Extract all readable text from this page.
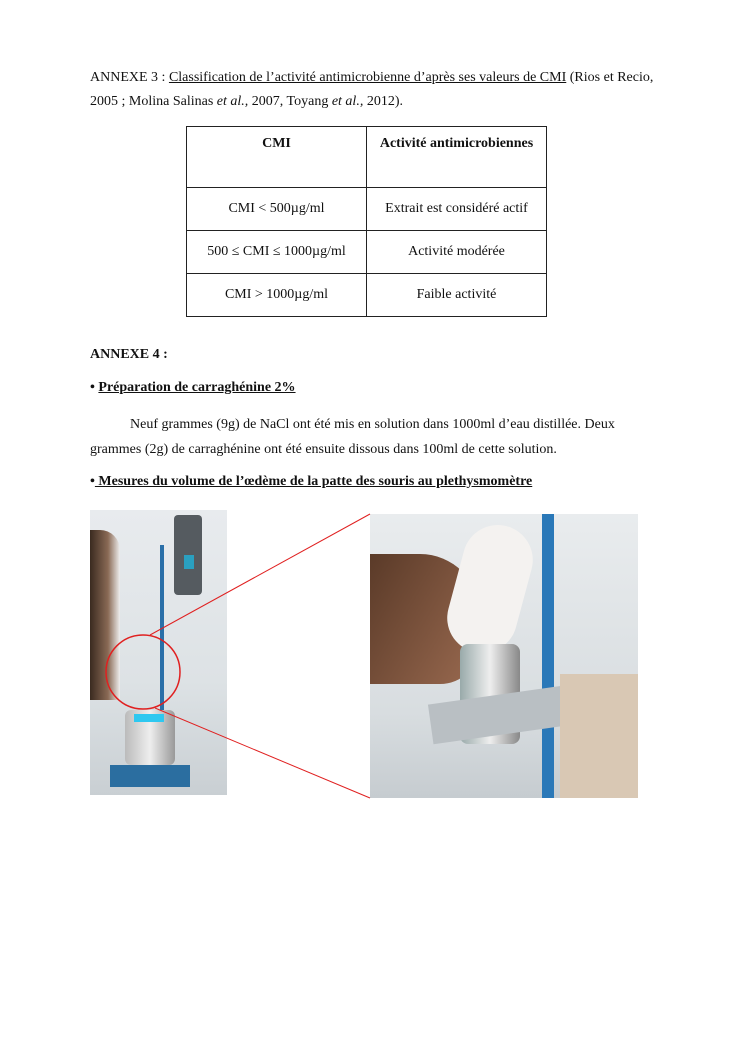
ANNEXE 3 : Classification de l’activité antimicrobienne d’après ses valeurs de CMI (Rios et Recio, 2005 ; Molina Salinas et al., 2007, Toyang et al., 2012).

CMI	Activité antimicrobiennes
CMI < 500µg/ml	Extrait est considéré actif
500 ≤ CMI ≤ 1000µg/ml	Activité modérée
CMI > 1000µg/ml	Faible activité

ANNEXE 4 :

• Préparation de carraghénine 2%

Neuf grammes (9g) de NaCl ont été mis en solution dans 1000ml d’eau distillée. Deux grammes (2g) de carraghénine ont été ensuite dissous dans 100ml de cette solution.

• Mesures du volume de l’œdème de la patte des souris au plethysmomètre
